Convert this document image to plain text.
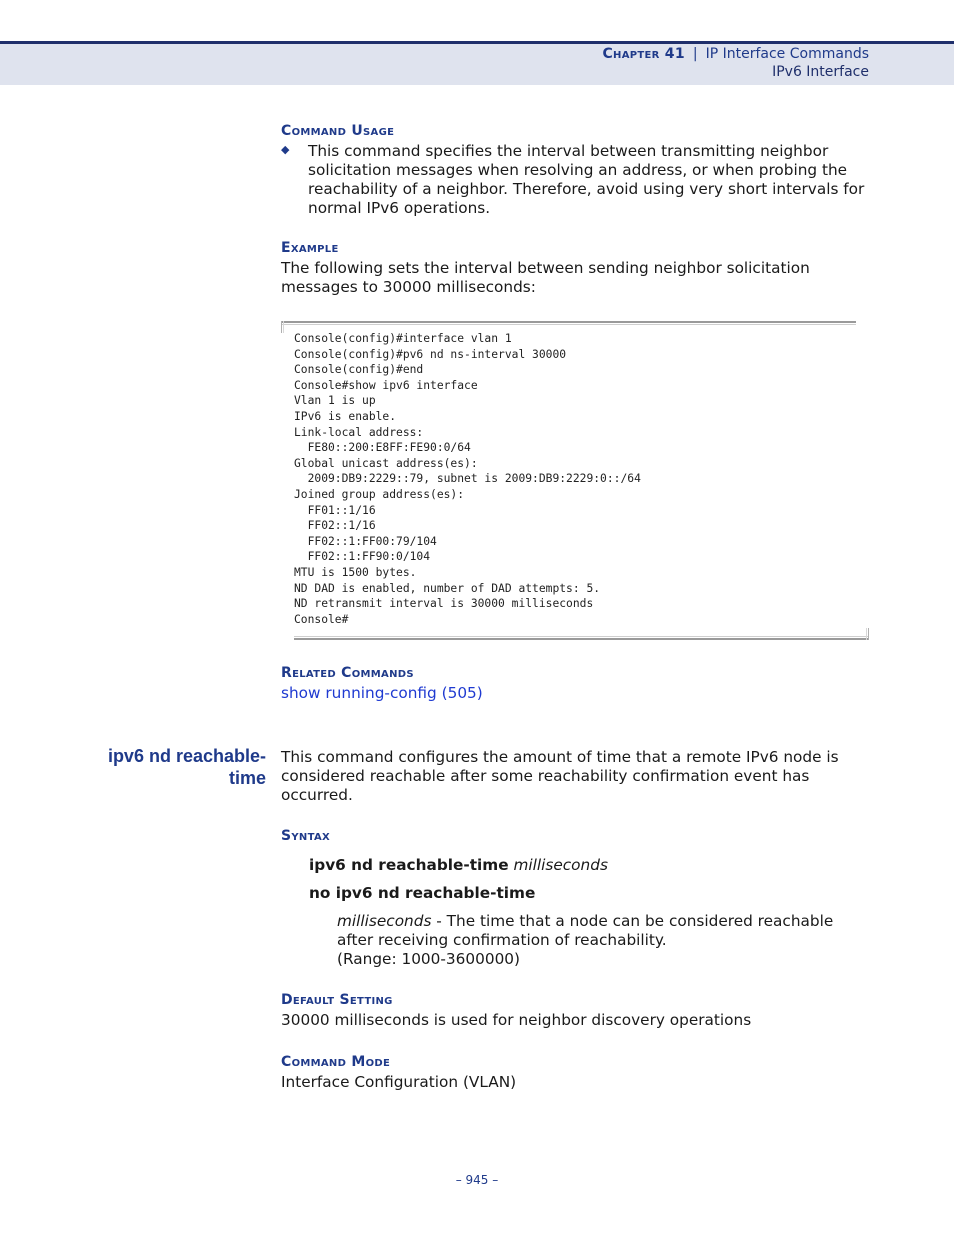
Chapter 41 | IP Interface Commands
IPv6 Interface
Command Usage
◆ This command specifies the interval between transmitting neighbor solicitation messages when resolving an address, or when probing the reachability of a neighbor. Therefore, avoid using very short intervals for normal IPv6 operations.
Example
The following sets the interval between sending neighbor solicitation messages to 30000 milliseconds:
Console(config)#interface vlan 1
Console(config)#pv6 nd ns-interval 30000
Console(config)#end
Console#show ipv6 interface
Vlan 1 is up
IPv6 is enable.
Link-local address:
FE80::200:E8FF:FE90:0/64
Global unicast address(es):
2009:DB9:2229::79, subnet is 2009:DB9:2229:0::/64
Joined group address(es):
FF01::1/16
FF02::1/16
FF02::1:FF00:79/104
FF02::1:FF90:0/104
MTU is 1500 bytes.
ND DAD is enabled, number of DAD attempts: 5.
ND retransmit interval is 30000 milliseconds
Console#
Related Commands
show running-config (505)
ipv6 nd reachable-
time
This command configures the amount of time that a remote IPv6 node is considered reachable after some reachability confirmation event has occurred.
Syntax
ipv6 nd reachable-time milliseconds
no ipv6 nd reachable-time
milliseconds - The time that a node can be considered reachable after receiving confirmation of reachability.
(Range: 1000-3600000)
Default Setting
30000 milliseconds is used for neighbor discovery operations
Command Mode
Interface Configuration (VLAN)
– 945 –
